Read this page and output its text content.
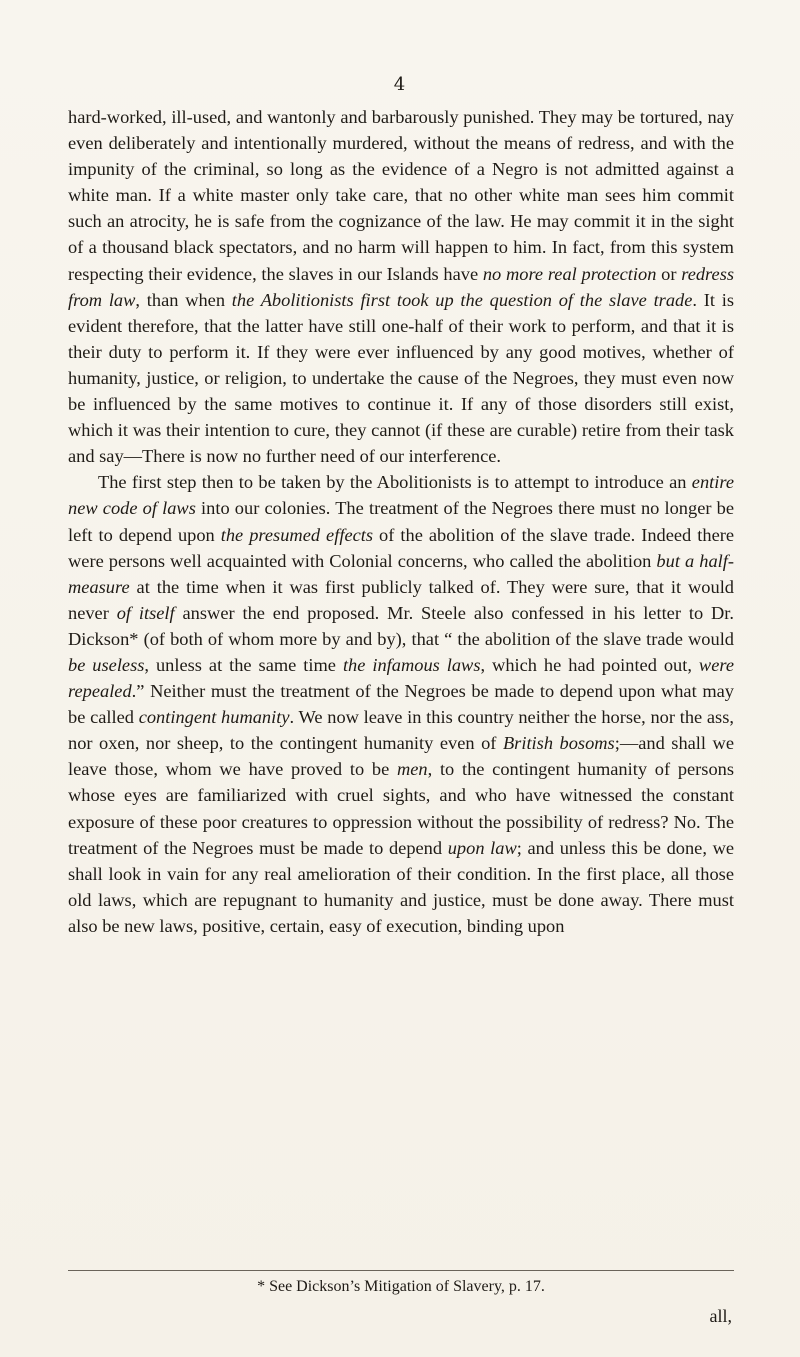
4

hard-worked, ill-used, and wantonly and barbarously punished. They may be tortured, nay even deliberately and intentionally murdered, without the means of redress, and with the impunity of the criminal, so long as the evidence of a Negro is not admitted against a white man. If a white master only take care, that no other white man sees him commit such an atrocity, he is safe from the cognizance of the law. He may commit it in the sight of a thousand black spectators, and no harm will happen to him. In fact, from this system respecting their evidence, the slaves in our Islands have no more real protection or redress from law, than when the Abolitionists first took up the question of the slave trade. It is evident therefore, that the latter have still one-half of their work to perform, and that it is their duty to perform it. If they were ever influenced by any good motives, whether of humanity, justice, or religion, to undertake the cause of the Negroes, they must even now be influenced by the same motives to continue it. If any of those disorders still exist, which it was their intention to cure, they cannot (if these are curable) retire from their task and say—There is now no further need of our interference.

The first step then to be taken by the Abolitionists is to attempt to introduce an entire new code of laws into our colonies. The treatment of the Negroes there must no longer be left to depend upon the presumed effects of the abolition of the slave trade. Indeed there were persons well acquainted with Colonial concerns, who called the abolition but a half-measure at the time when it was first publicly talked of. They were sure, that it would never of itself answer the end proposed. Mr. Steele also confessed in his letter to Dr. Dickson* (of both of whom more by and by), that “ the abolition of the slave trade would be useless, unless at the same time the infamous laws, which he had pointed out, were repealed.” Neither must the treatment of the Negroes be made to depend upon what may be called contingent humanity. We now leave in this country neither the horse, nor the ass, nor oxen, nor sheep, to the contingent humanity even of British bosoms;—and shall we leave those, whom we have proved to be men, to the contingent humanity of persons whose eyes are familiarized with cruel sights, and who have witnessed the constant exposure of these poor creatures to oppression without the possibility of redress? No. The treatment of the Negroes must be made to depend upon law; and unless this be done, we shall look in vain for any real amelioration of their condition. In the first place, all those old laws, which are repugnant to humanity and justice, must be done away. There must also be new laws, positive, certain, easy of execution, binding upon

* See Dickson’s Mitigation of Slavery, p. 17.
all,
